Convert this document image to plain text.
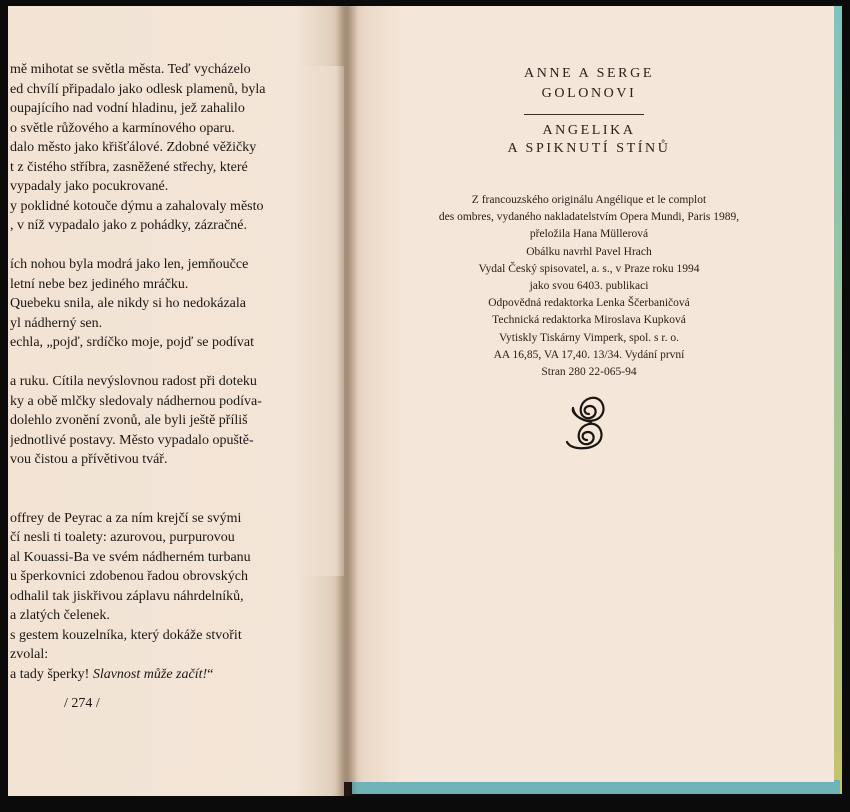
mě mihotat se světla města. Teď vycházelo
ed chvílí připadalo jako odlesk plamenů, byla
oupajícího nad vodní hladinu, jež zahalilo
o světle růžového a karmínového oparu.
dalo město jako křišťálové. Zdobné věžičky
t z čistého stříbra, zasněžené střechy, které
vypadaly jako pocukrované.
y poklidné kotouče dýmu a zahalovaly město
, v níž vypadalo jako z pohádky, zázračné.
ích nohou byla modrá jako len, jemňoučce
letní nebe bez jediného mráčku.
Quebeku snila, ale nikdy si ho nedokázala
yl nádherný sen.
echla, „pojď, srdíčko moje, pojď se podívat
a ruku. Cítila nevýslovnou radost při doteku
ky a obě mlčky sledovaly nádhernou podíva-
dolehlo zvonění zvonů, ale byli ještě příliš
jednotlivé postavy. Město vypadalo opuště-
vou čistou a přívětivou tvář.
offrey de Peyrac a za ním krejčí se svými
čí nesli ti toalety: azurovou, purpurovou
al Kouassi-Ba ve svém nádherném turbanu
u šperkovnici zdobenou řadou obrovských
odhalil tak jiskřivou záplavu náhrdelníků,
a zlatých čelenek.
s gestem kouzelníka, který dokáže stvořit
zvolal:
a tady šperky! Slavnost může začít!“
/ 274 /
ANNE A SERGE
GOLONOVI
ANGELIKA
A SPIKNUTÍ STÍNŮ
Z francouzského originálu Angélique et le complot
des ombres, vydaného nakladatelstvím Opera Mundi, Paris 1989,
přeložila Hana Müllerová
Obálku navrhl Pavel Hrach
Vydal Český spisovatel, a. s., v Praze roku 1994
jako svou 6403. publikaci
Odpovědná redaktorka Lenka Ščerbaničová
Technická redaktorka Miroslava Kupková
Vytiskly Tiskárny Vimperk, spol. s r. o.
AA 16,85, VA 17,40. 13/34. Vydání první
Stran 280 22-065-94
